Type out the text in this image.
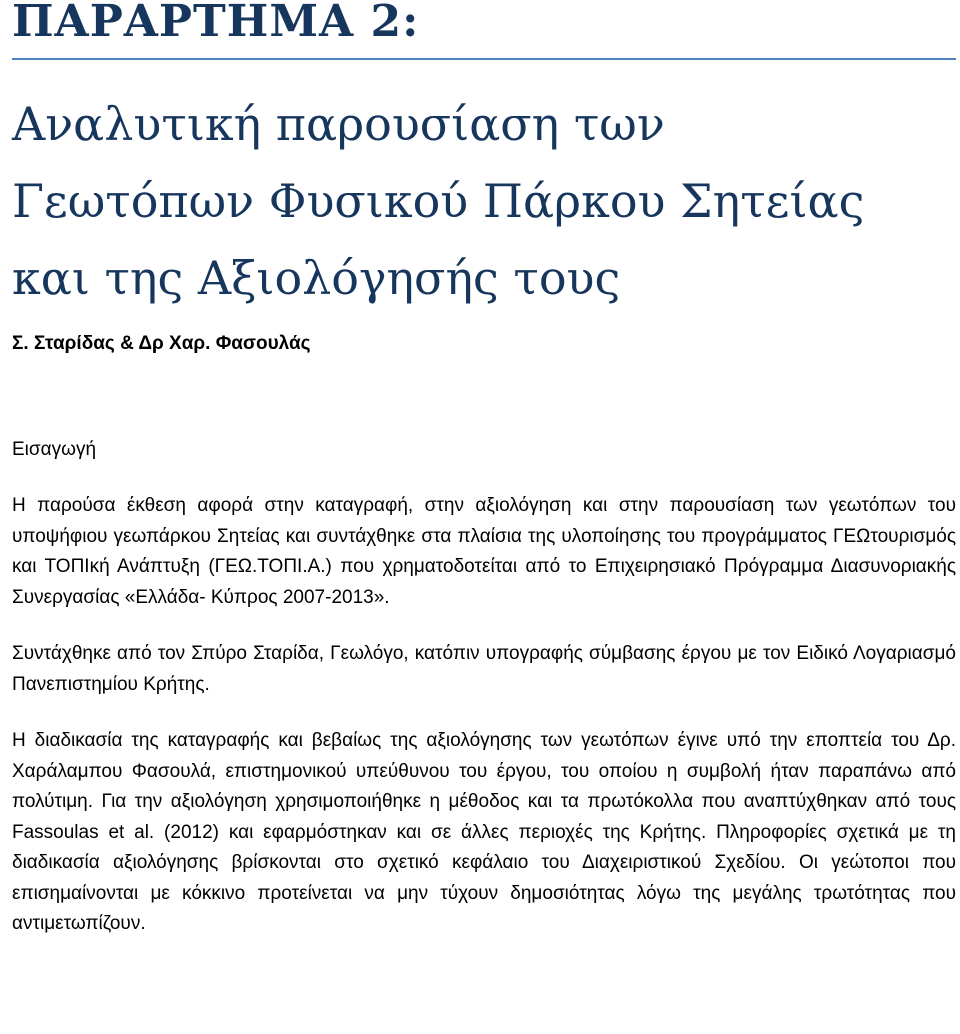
ΠΑΡΑΡΤΗΜΑ 2:
Αναλυτική παρουσίαση των
Γεωτόπων Φυσικού Πάρκου Σητείας
και της Αξιολόγησής τους
Σ. Σταρίδας & Δρ Χαρ. Φασουλάς
Εισαγωγή

Η παρούσα έκθεση αφορά στην καταγραφή, στην αξιολόγηση και στην παρουσίαση των γεωτόπων του υποψήφιου γεωπάρκου Σητείας και συντάχθηκε στα πλαίσια της υλοποίησης του προγράμματος ΓΕΩτουρισμός και ΤΟΠΙκή Ανάπτυξη (ΓΕΩ.ΤΟΠΙ.Α.) που χρηματοδοτείται από το Επιχειρησιακό Πρόγραμμα Διασυνοριακής Συνεργασίας «Ελλάδα- Κύπρος 2007-2013».

Συντάχθηκε από τον Σπύρο Σταρίδα, Γεωλόγο, κατόπιν υπογραφής σύμβασης έργου με τον Ειδικό Λογαριασμό Πανεπιστημίου Κρήτης.

Η διαδικασία της καταγραφής και βεβαίως της αξιολόγησης των γεωτόπων έγινε υπό την εποπτεία του Δρ. Χαράλαμπου Φασουλά, επιστημονικού υπεύθυνου του έργου, του οποίου η συμβολή ήταν παραπάνω από πολύτιμη. Για την αξιολόγηση χρησιμοποιήθηκε η μέθοδος και τα πρωτόκολλα που αναπτύχθηκαν από τους Fassoulas et al. (2012) και εφαρμόστηκαν και σε άλλες περιοχές της Κρήτης. Πληροφορίες σχετικά με τη διαδικασία αξιολόγησης βρίσκονται στο σχετικό κεφάλαιο του Διαχειριστικού Σχεδίου. Οι γεώτοποι που επισημαίνονται με κόκκινο προτείνεται να μην τύχουν δημοσιότητας λόγω της μεγάλης τρωτότητας που αντιμετωπίζουν.
